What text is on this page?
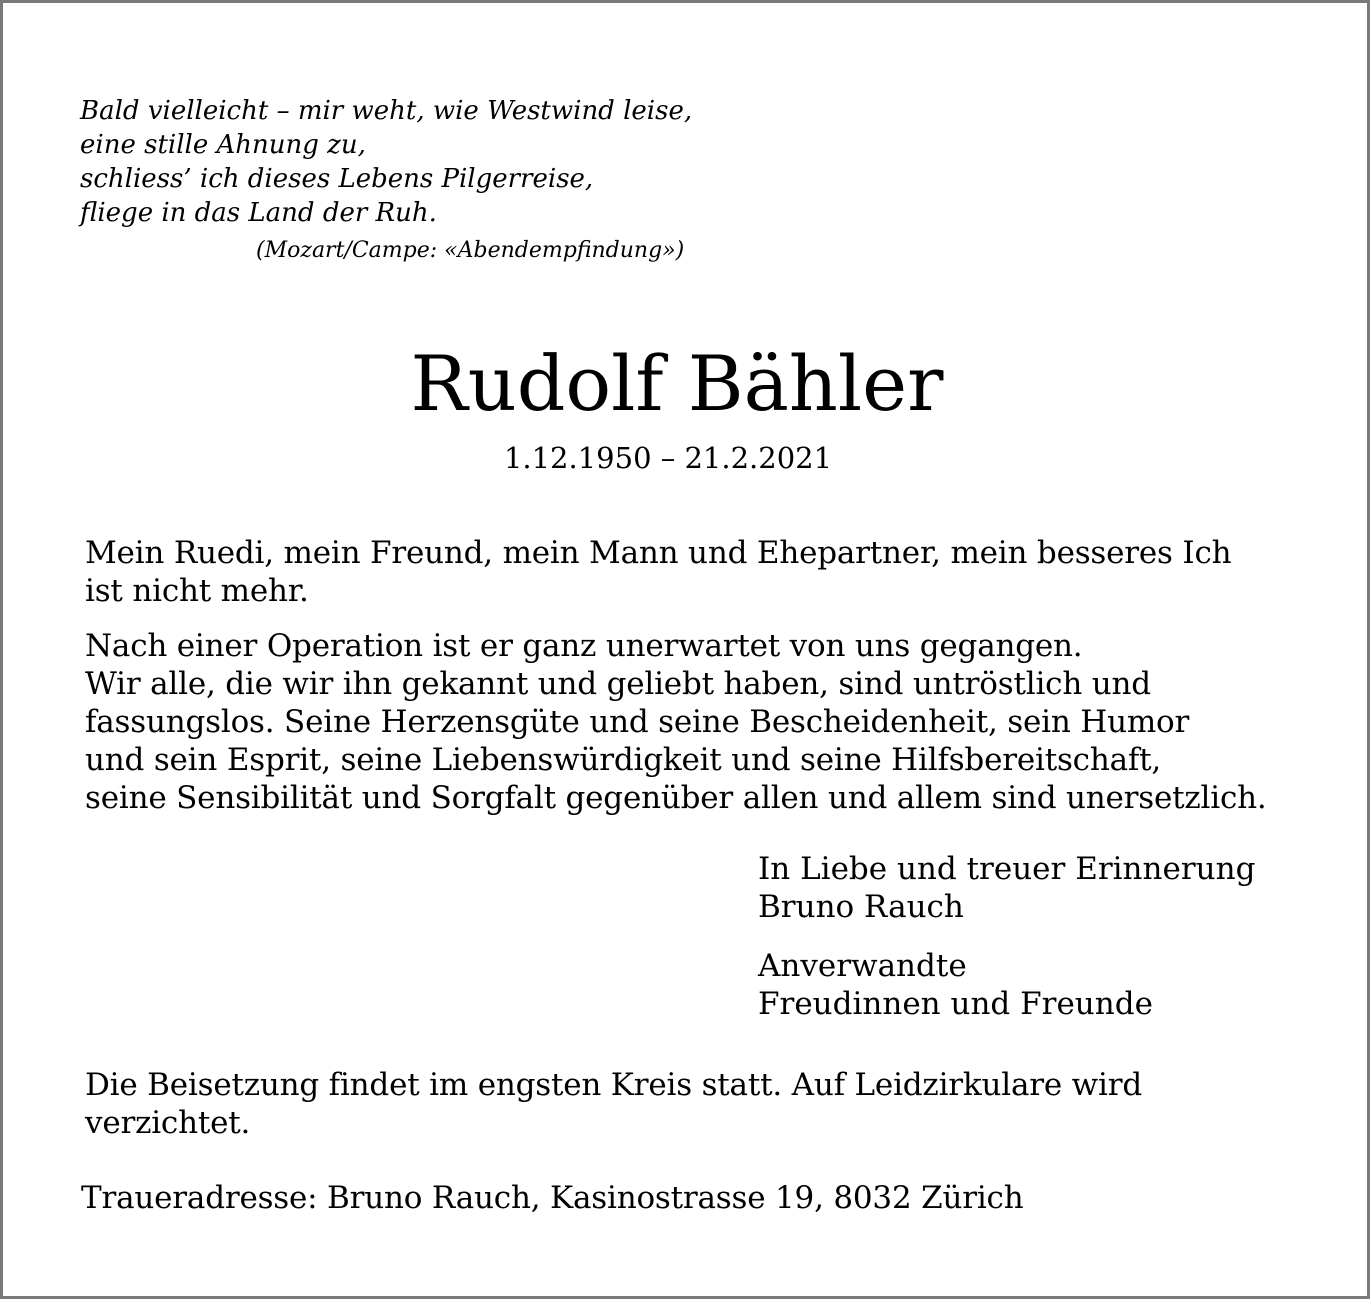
Bald vielleicht – mir weht, wie Westwind leise,
eine stille Ahnung zu,
schliess’ ich dieses Lebens Pilgerreise,
fliege in das Land der Ruh.
(Mozart/Campe: «Abendempfindung»)
Rudolf Bähler
1.12.1950 – 21.2.2021
Mein Ruedi, mein Freund, mein Mann und Ehepartner, mein besseres Ich
ist nicht mehr.
Nach einer Operation ist er ganz unerwartet von uns gegangen.
Wir alle, die wir ihn gekannt und geliebt haben, sind untröstlich und
fassungslos. Seine Herzensgüte und seine Bescheidenheit, sein Humor
und sein Esprit, seine Liebenswürdigkeit und seine Hilfsbereitschaft,
seine Sensibilität und Sorgfalt gegenüber allen und allem sind unersetzlich.
In Liebe und treuer Erinnerung
Bruno Rauch
Anverwandte
Freudinnen und Freunde
Die Beisetzung findet im engsten Kreis statt. Auf Leidzirkulare wird
verzichtet.
Traueradresse: Bruno Rauch, Kasinostrasse 19, 8032 Zürich
